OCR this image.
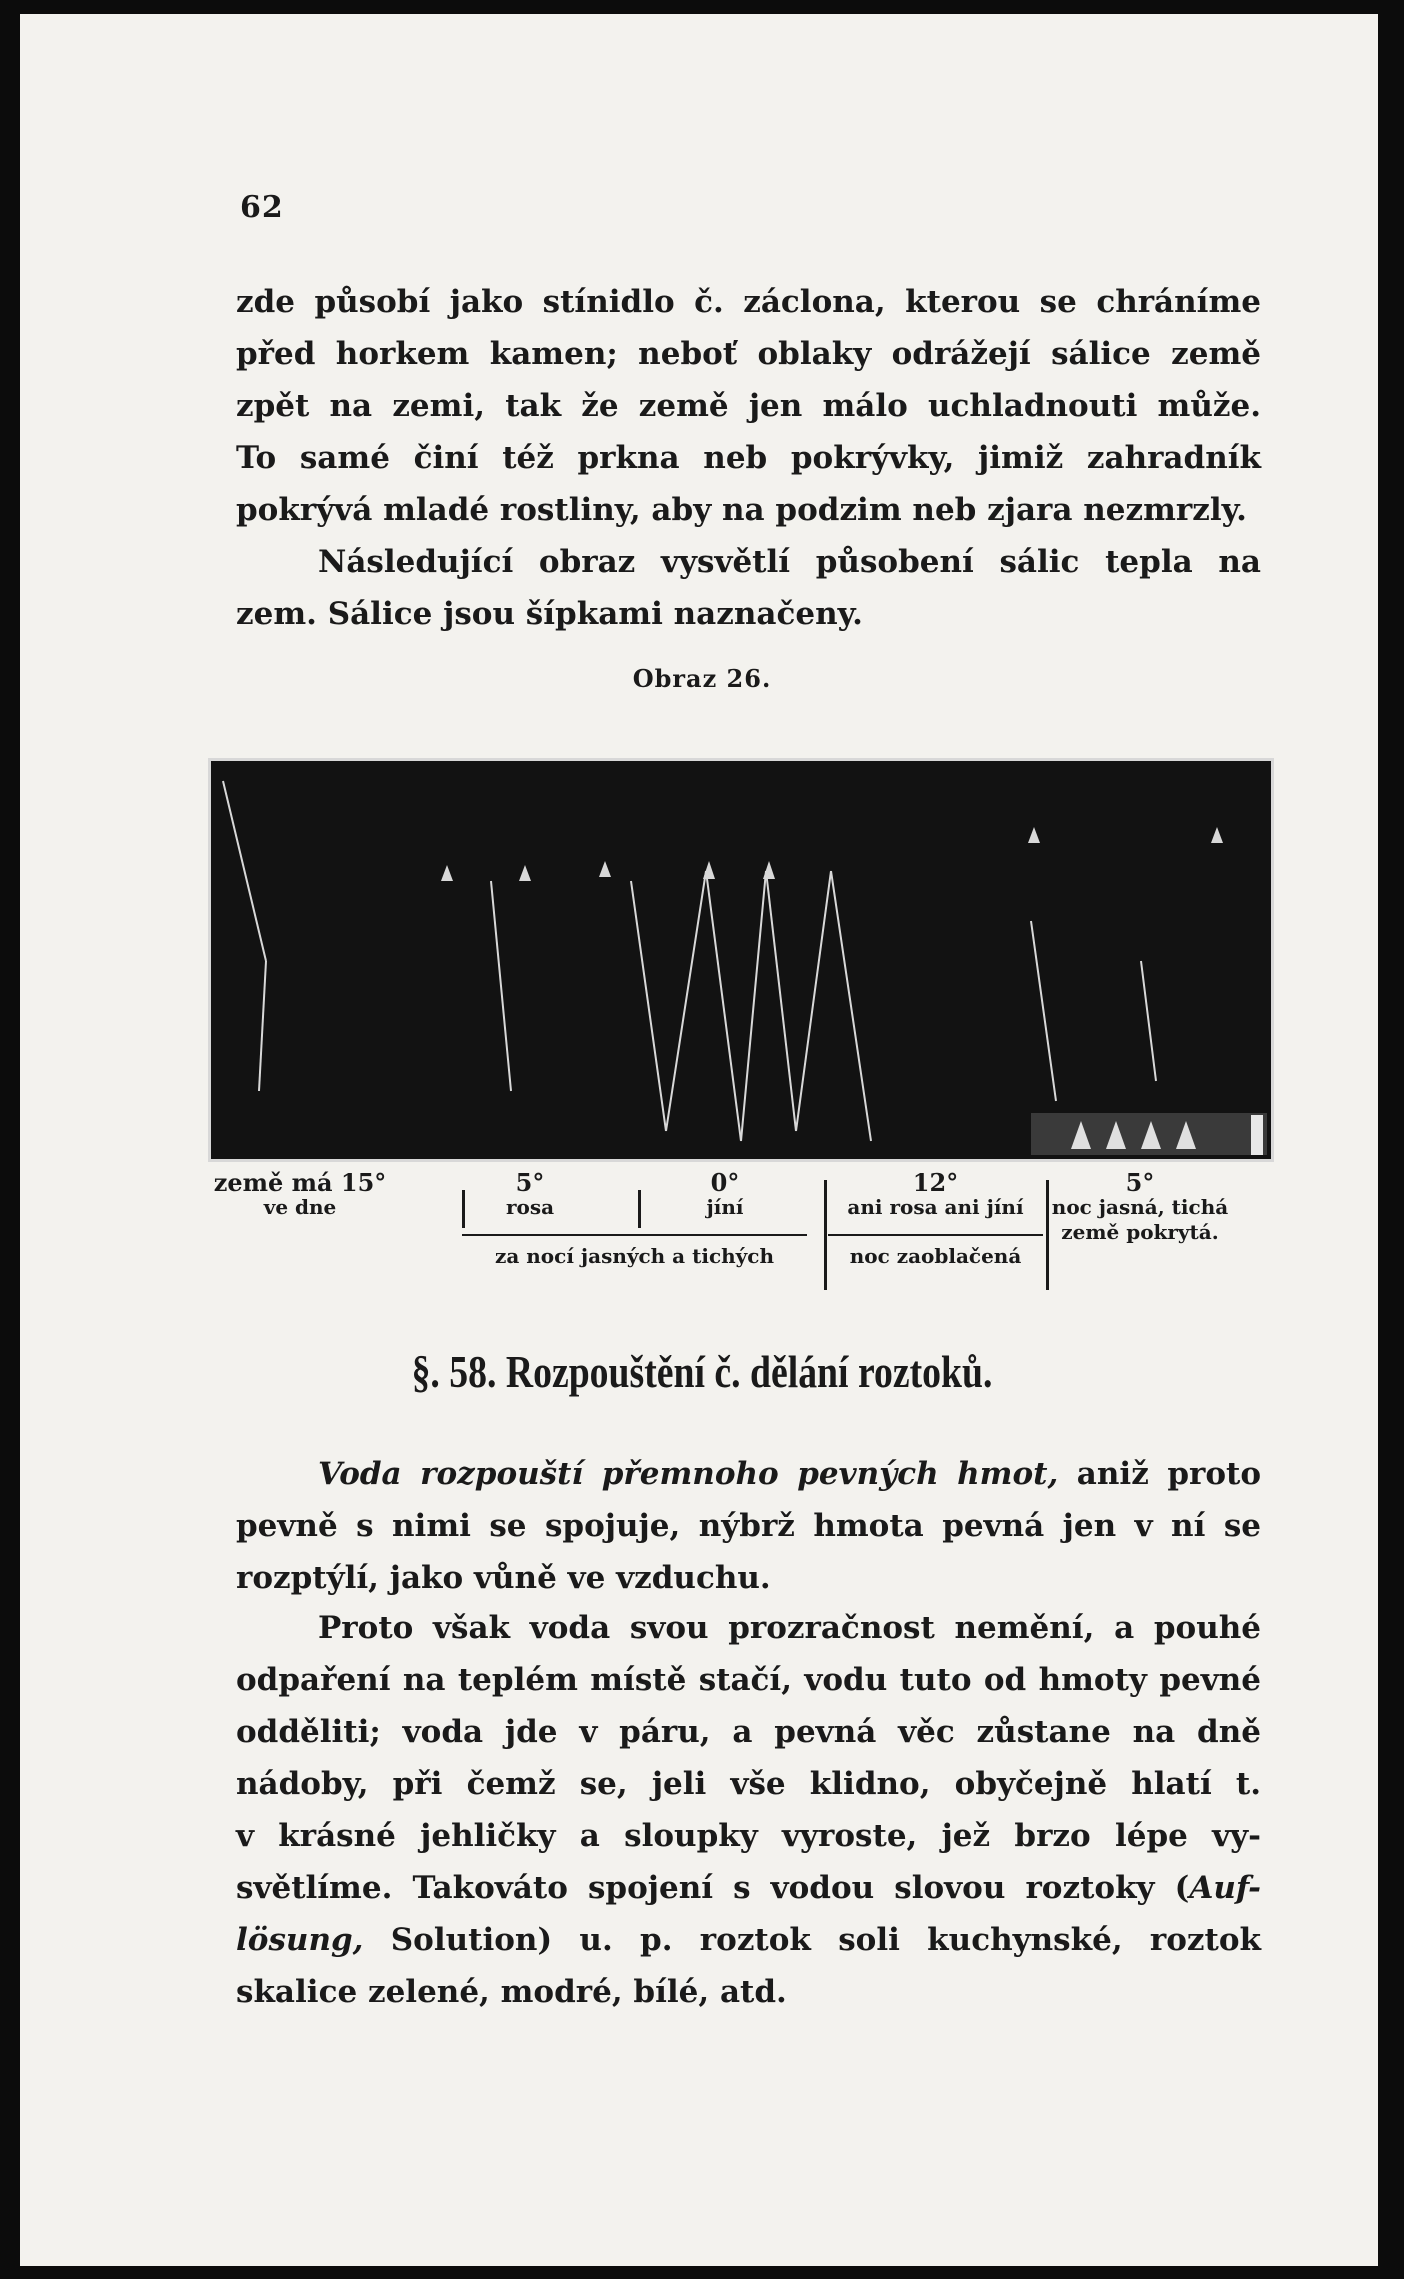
62

zde působí jako stínidlo č. záclona, kterou se chráníme
před horkem kamen; neboť oblaky odrážejí sálice země
zpět na zemi, tak že země jen málo uchladnouti může.
To samé činí též prkna neb pokrývky, jimiž zahradník
pokrývá mladé rostliny, aby na podzim neb zjara nezmrzly.

Následující obraz vysvětlí působení sálic tepla na
zem. Sálice jsou šípkami naznačeny.

Obraz 26.
země má 15°
ve dne
5°
rosa
0°
jíní
za nocí jasných a tichých
12°
ani rosa ani jíní
noc zaoblačená
5°
noc jasná, tichá
země pokrytá.
§. 58. Rozpouštění č. dělání roztoků.

Voda rozpouští přemnoho pevných hmot, aniž proto
pevně s nimi se spojuje, nýbrž hmota pevná jen v ní se
rozptýlí, jako vůně ve vzduchu.

Proto však voda svou prozračnost nemění, a pouhé
odpaření na teplém místě stačí, vodu tuto od hmoty pevné
odděliti; voda jde v páru, a pevná věc zůstane na dně
nádoby, při čemž se, jeli vše klidno, obyčejně hlatí t.
v krásné jehličky a sloupky vyroste, jež brzo lépe vy-
světlíme. Takováto spojení s vodou slovou roztoky (Auf-
lösung, Solution) u. p. roztok soli kuchynské, roztok
skalice zelené, modré, bílé, atd.
